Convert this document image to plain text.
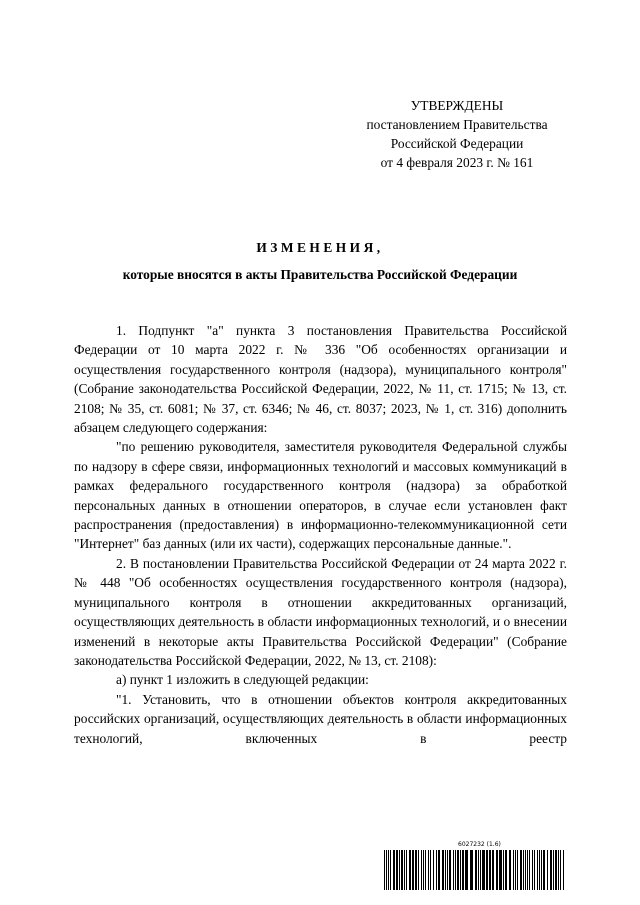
УТВЕРЖДЕНЫ
постановлением Правительства
Российской Федерации
от 4 февраля 2023 г. № 161
ИЗМЕНЕНИЯ,
которые вносятся в акты Правительства Российской Федерации

1. Подпункт "а" пункта 3 постановления Правительства Российской Федерации от 10 марта 2022 г. № 336 "Об особенностях организации и осуществления государственного контроля (надзора), муниципального контроля" (Собрание законодательства Российской Федерации, 2022, № 11, ст. 1715; № 13, ст. 2108; № 35, ст. 6081; № 37, ст. 6346; № 46, ст. 8037; 2023, № 1, ст. 316) дополнить абзацем следующего содержания:

"по решению руководителя, заместителя руководителя Федеральной службы по надзору в сфере связи, информационных технологий и массовых коммуникаций в рамках федерального государственного контроля (надзора) за обработкой персональных данных в отношении операторов, в случае если установлен факт распространения (предоставления) в информационно-телекоммуникационной сети "Интернет" баз данных (или их части), содержащих персональные данные.".

2. В постановлении Правительства Российской Федерации от 24 марта 2022 г. № 448 "Об особенностях осуществления государственного контроля (надзора), муниципального контроля в отношении аккредитованных организаций, осуществляющих деятельность в области информационных технологий, и о внесении изменений в некоторые акты Правительства Российской Федерации" (Собрание законодательства Российской Федерации, 2022, № 13, ст. 2108):

а) пункт 1 изложить в следующей редакции:

"1. Установить, что в отношении объектов контроля аккредитованных российских организаций, осуществляющих деятельность в области информационных технологий, включенных в реестр

6027232 (1.6)
